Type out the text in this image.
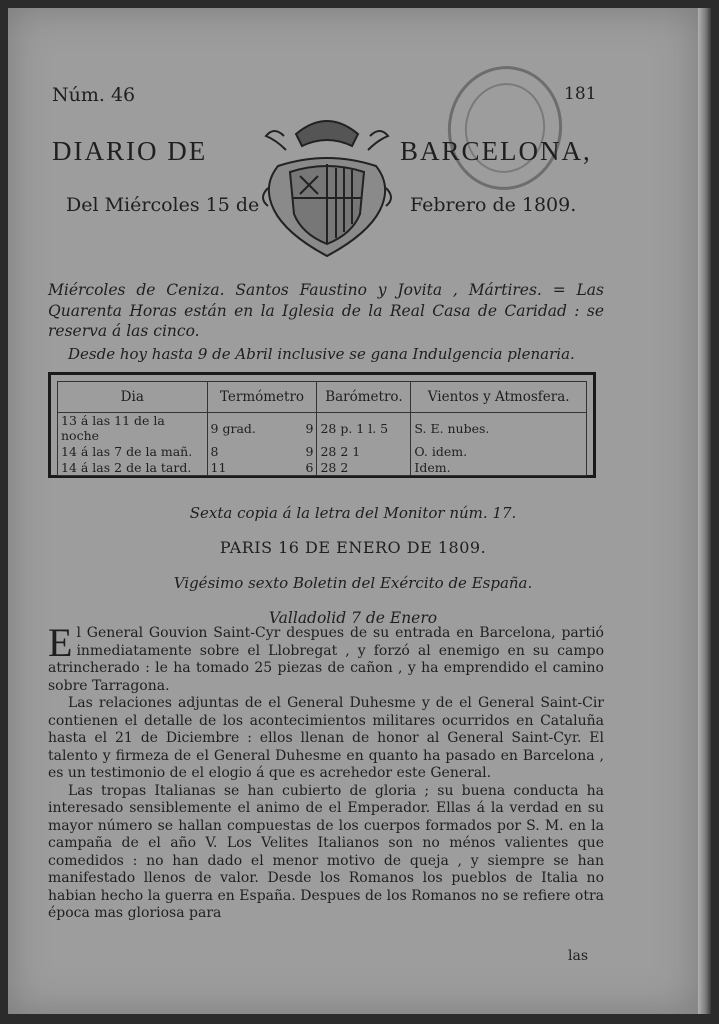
Núm. 46	181
DIARIO DE	BARCELONA,
Del Miércoles 15 de	Febrero de 1809.

Miércoles de Ceniza. Santos Faustino y Jovita , Mártires. = Las Quarenta Horas están en la Iglesia de la Real Casa de Caridad : se reserva á las cinco.

Desde hoy hasta 9 de Abril inclusive se gana Indulgencia plenaria.
Dia	Termómetro	Barómetro.	Vientos y Atmosfera.
13 á las 11 de la noche	9 grad. 9	28 p. 1 l. 5	S. E. nubes.
14 á las 7 de la mañ.	8 9	28 2 1	O. idem.
14 á las 2 de la tard.	11 6	28 2	Idem.
Sexta copia á la letra del Monitor núm. 17.
PARIS 16 DE ENERO DE 1809.
Vigésimo sexto Boletin del Exército de España.
Valladolid 7 de Enero

El General Gouvion Saint-Cyr despues de su entrada en Barcelona, partió inmediatamente sobre el Llobregat , y forzó al enemigo en su campo atrincherado : le ha tomado 25 piezas de cañon , y ha emprendido el camino sobre Tarragona.

Las relaciones adjuntas de el General Duhesme y de el General Saint-Cir contienen el detalle de los acontecimientos militares ocurridos en Cataluña hasta el 21 de Diciembre : ellos llenan de honor al General Saint-Cyr. El talento y firmeza de el General Duhesme en quanto ha pasado en Barcelona , es un testimonio de el elogio á que es acrehedor este General.

Las tropas Italianas se han cubierto de gloria ; su buena conducta ha interesado sensiblemente el animo de el Emperador. Ellas á la verdad en su mayor número se hallan compuestas de los cuerpos formados por S. M. en la campaña de el año V. Los Velites Italianos son no ménos valientes que comedidos : no han dado el menor motivo de queja , y siempre se han manifestado llenos de valor. Desde los Romanos los pueblos de Italia no habian hecho la guerra en España. Despues de los Romanos no se refiere otra época mas gloriosa para

las
